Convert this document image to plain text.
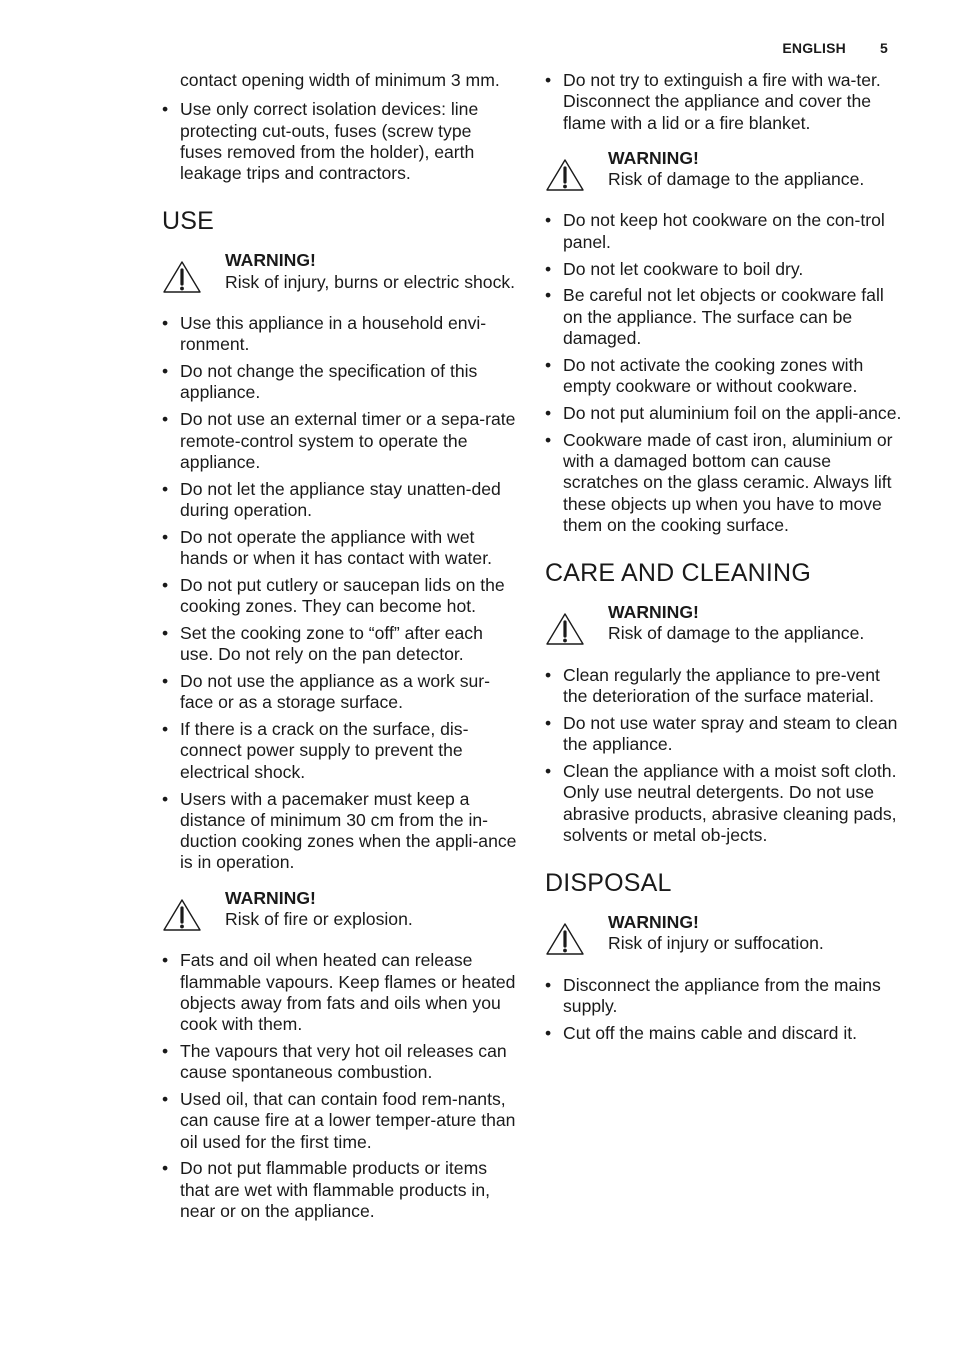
ENGLISH 5
contact opening width of minimum 3 mm.
• Use only correct isolation devices: line protecting cut-outs, fuses (screw type fuses removed from the holder), earth leakage trips and contractors.
USE
WARNING!
Risk of injury, burns or electric shock.
• Use this appliance in a household envi-ronment.
• Do not change the specification of this appliance.
• Do not use an external timer or a sepa-rate remote-control system to operate the appliance.
• Do not let the appliance stay unatten-ded during operation.
• Do not operate the appliance with wet hands or when it has contact with water.
• Do not put cutlery or saucepan lids on the cooking zones. They can become hot.
• Set the cooking zone to “off” after each use. Do not rely on the pan detector.
• Do not use the appliance as a work sur-face or as a storage surface.
• If there is a crack on the surface, dis-connect power supply to prevent the electrical shock.
• Users with a pacemaker must keep a distance of minimum 30 cm from the in-duction cooking zones when the appli-ance is in operation.
WARNING!
Risk of fire or explosion.
• Fats and oil when heated can release flammable vapours. Keep flames or heated objects away from fats and oils when you cook with them.
• The vapours that very hot oil releases can cause spontaneous combustion.
• Used oil, that can contain food rem-nants, can cause fire at a lower temper-ature than oil used for the first time.
• Do not put flammable products or items that are wet with flammable products in, near or on the appliance.
• Do not try to extinguish a fire with wa-ter. Disconnect the appliance and cover the flame with a lid or a fire blanket.
WARNING!
Risk of damage to the appliance.
• Do not keep hot cookware on the con-trol panel.
• Do not let cookware to boil dry.
• Be careful not let objects or cookware fall on the appliance. The surface can be damaged.
• Do not activate the cooking zones with empty cookware or without cookware.
• Do not put aluminium foil on the appli-ance.
• Cookware made of cast iron, aluminium or with a damaged bottom can cause scratches on the glass ceramic. Always lift these objects up when you have to move them on the cooking surface.
CARE AND CLEANING
WARNING!
Risk of damage to the appliance.
• Clean regularly the appliance to pre-vent the deterioration of the surface material.
• Do not use water spray and steam to clean the appliance.
• Clean the appliance with a moist soft cloth. Only use neutral detergents. Do not use abrasive products, abrasive cleaning pads, solvents or metal ob-jects.
DISPOSAL
WARNING!
Risk of injury or suffocation.
• Disconnect the appliance from the mains supply.
• Cut off the mains cable and discard it.
